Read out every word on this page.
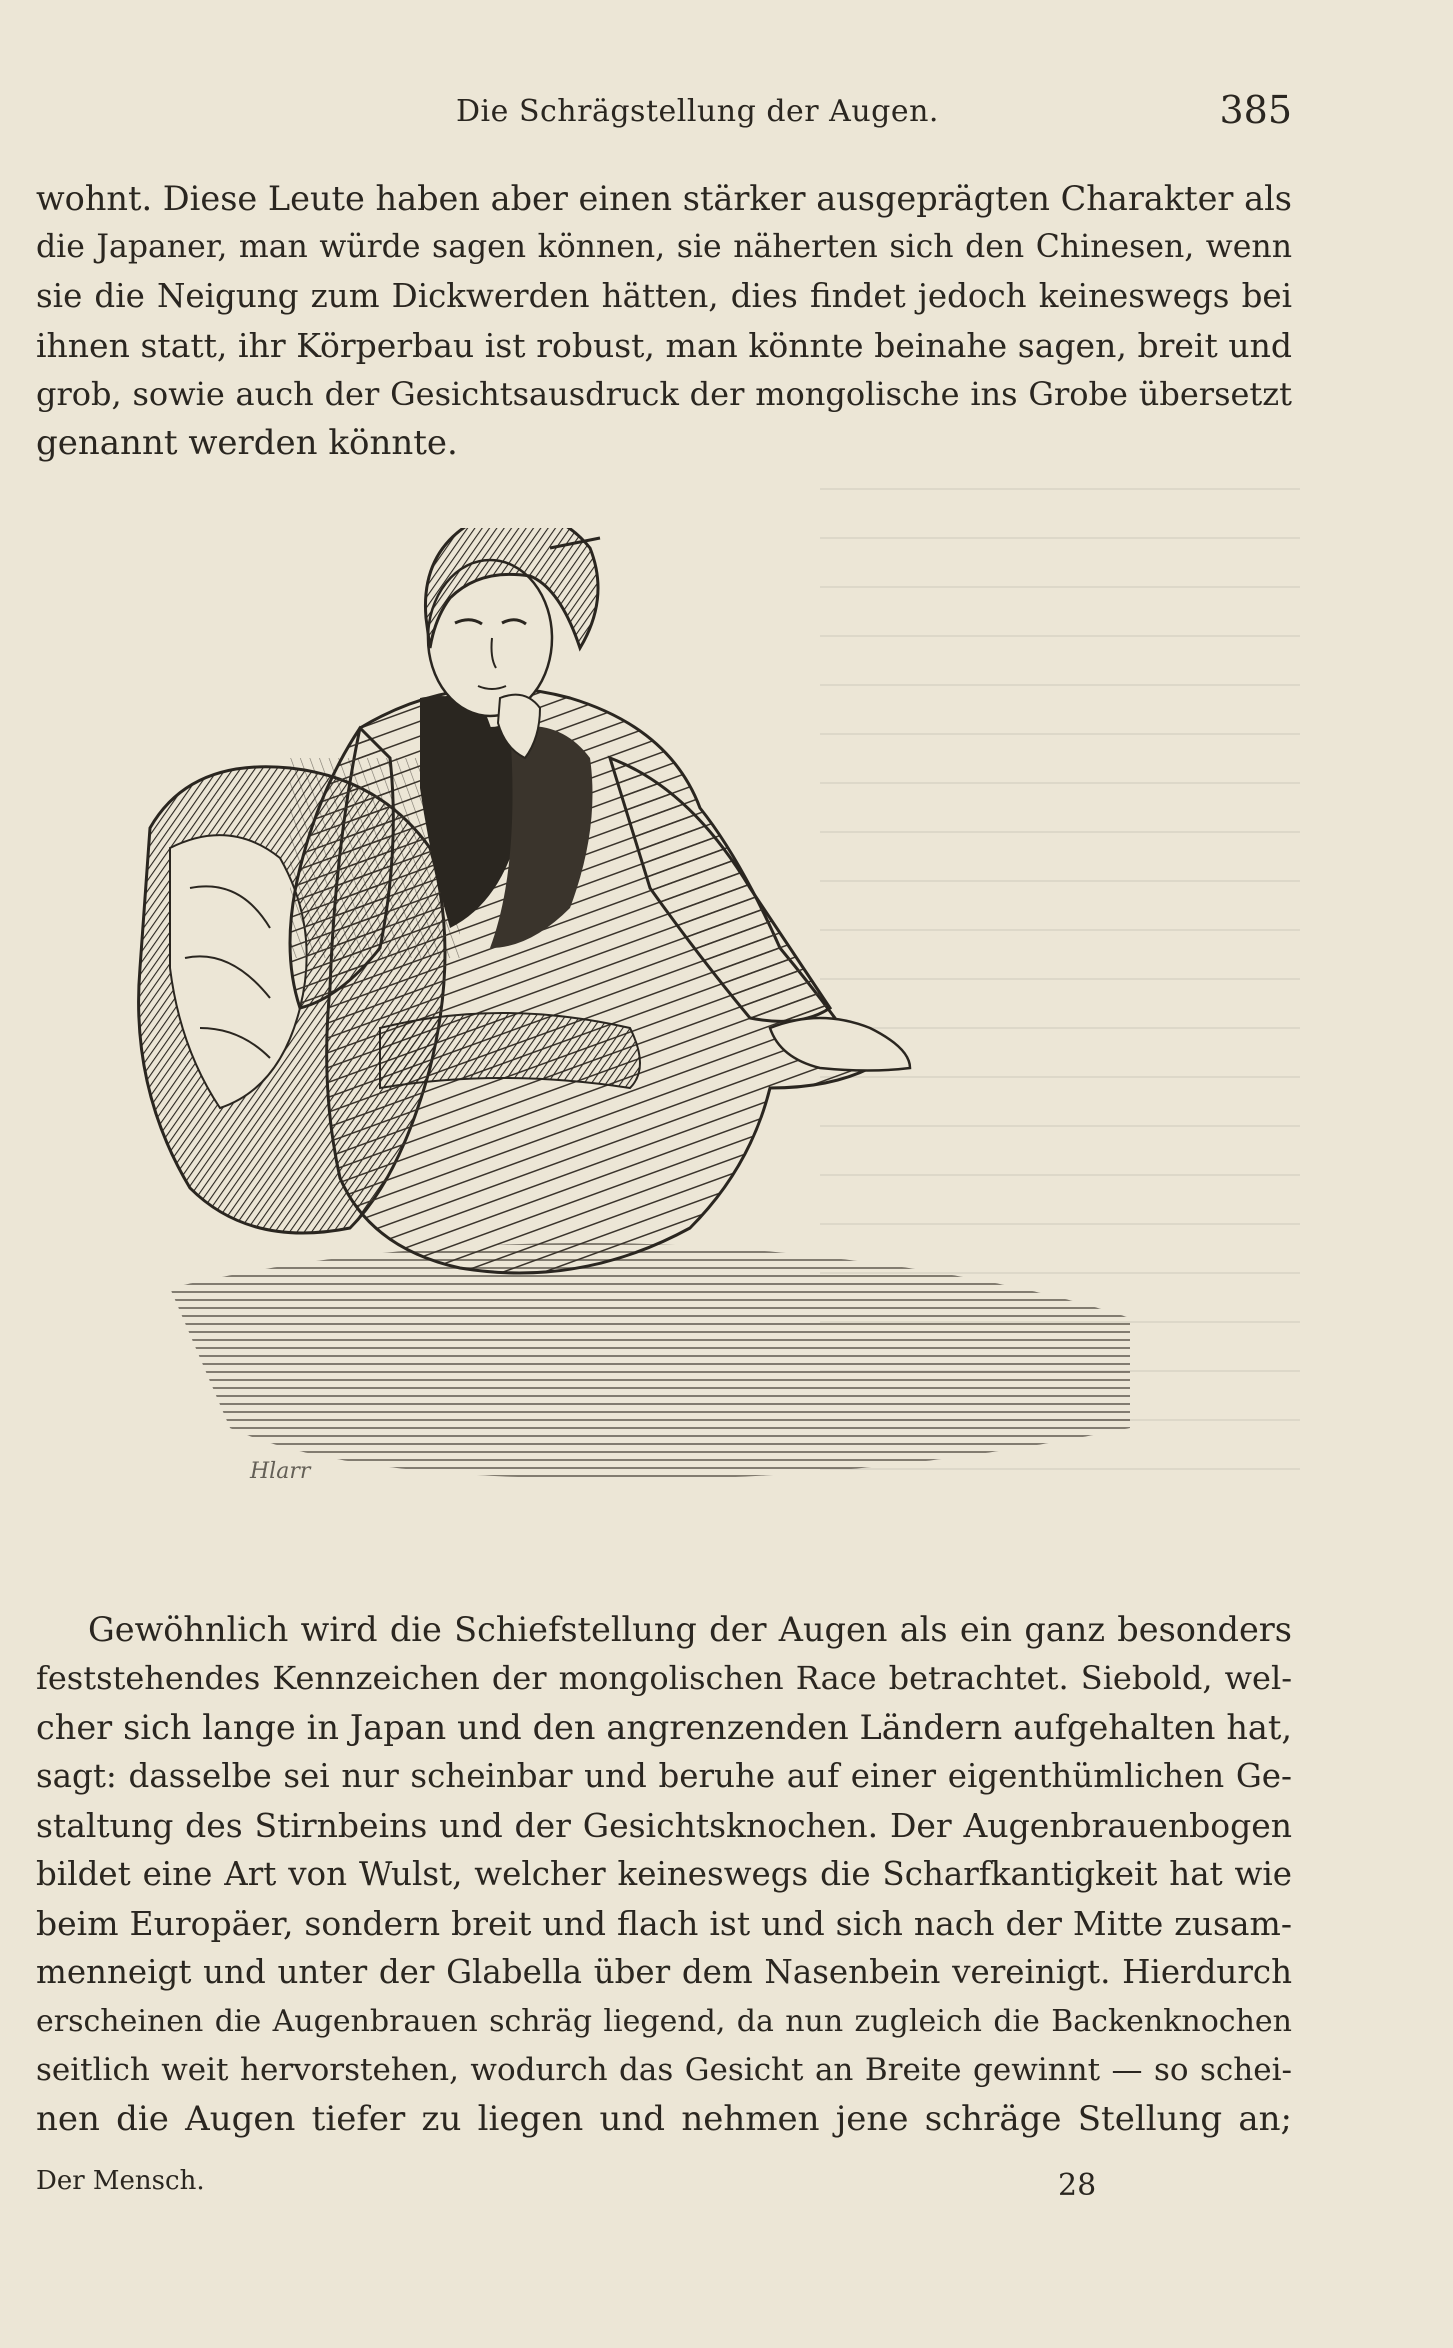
Die Schrägstellung der Augen.	385
wohnt. Diese Leute haben aber einen stärker ausgeprägten Charakter als
die Japaner, man würde sagen können, sie näherten sich den Chinesen, wenn
sie die Neigung zum Dickwerden hätten, dies findet jedoch keineswegs bei
ihnen statt, ihr Körperbau ist robust, man könnte beinahe sagen, breit und
grob, sowie auch der Gesichtsausdruck der mongolische ins Grobe übersetzt
genannt werden könnte.
Hlarr
Gewöhnlich wird die Schiefstellung der Augen als ein ganz besonders
feststehendes Kennzeichen der mongolischen Race betrachtet. Siebold, wel-
cher sich lange in Japan und den angrenzenden Ländern aufgehalten hat,
sagt: dasselbe sei nur scheinbar und beruhe auf einer eigenthümlichen Ge-
staltung des Stirnbeins und der Gesichtsknochen. Der Augenbrauenbogen
bildet eine Art von Wulst, welcher keineswegs die Scharfkantigkeit hat wie
beim Europäer, sondern breit und flach ist und sich nach der Mitte zusam-
menneigt und unter der Glabella über dem Nasenbein vereinigt. Hierdurch
erscheinen die Augenbrauen schräg liegend, da nun zugleich die Backenknochen
seitlich weit hervorstehen, wodurch das Gesicht an Breite gewinnt — so schei-
nen die Augen tiefer zu liegen und nehmen jene schräge Stellung an;
Der Mensch.	28
